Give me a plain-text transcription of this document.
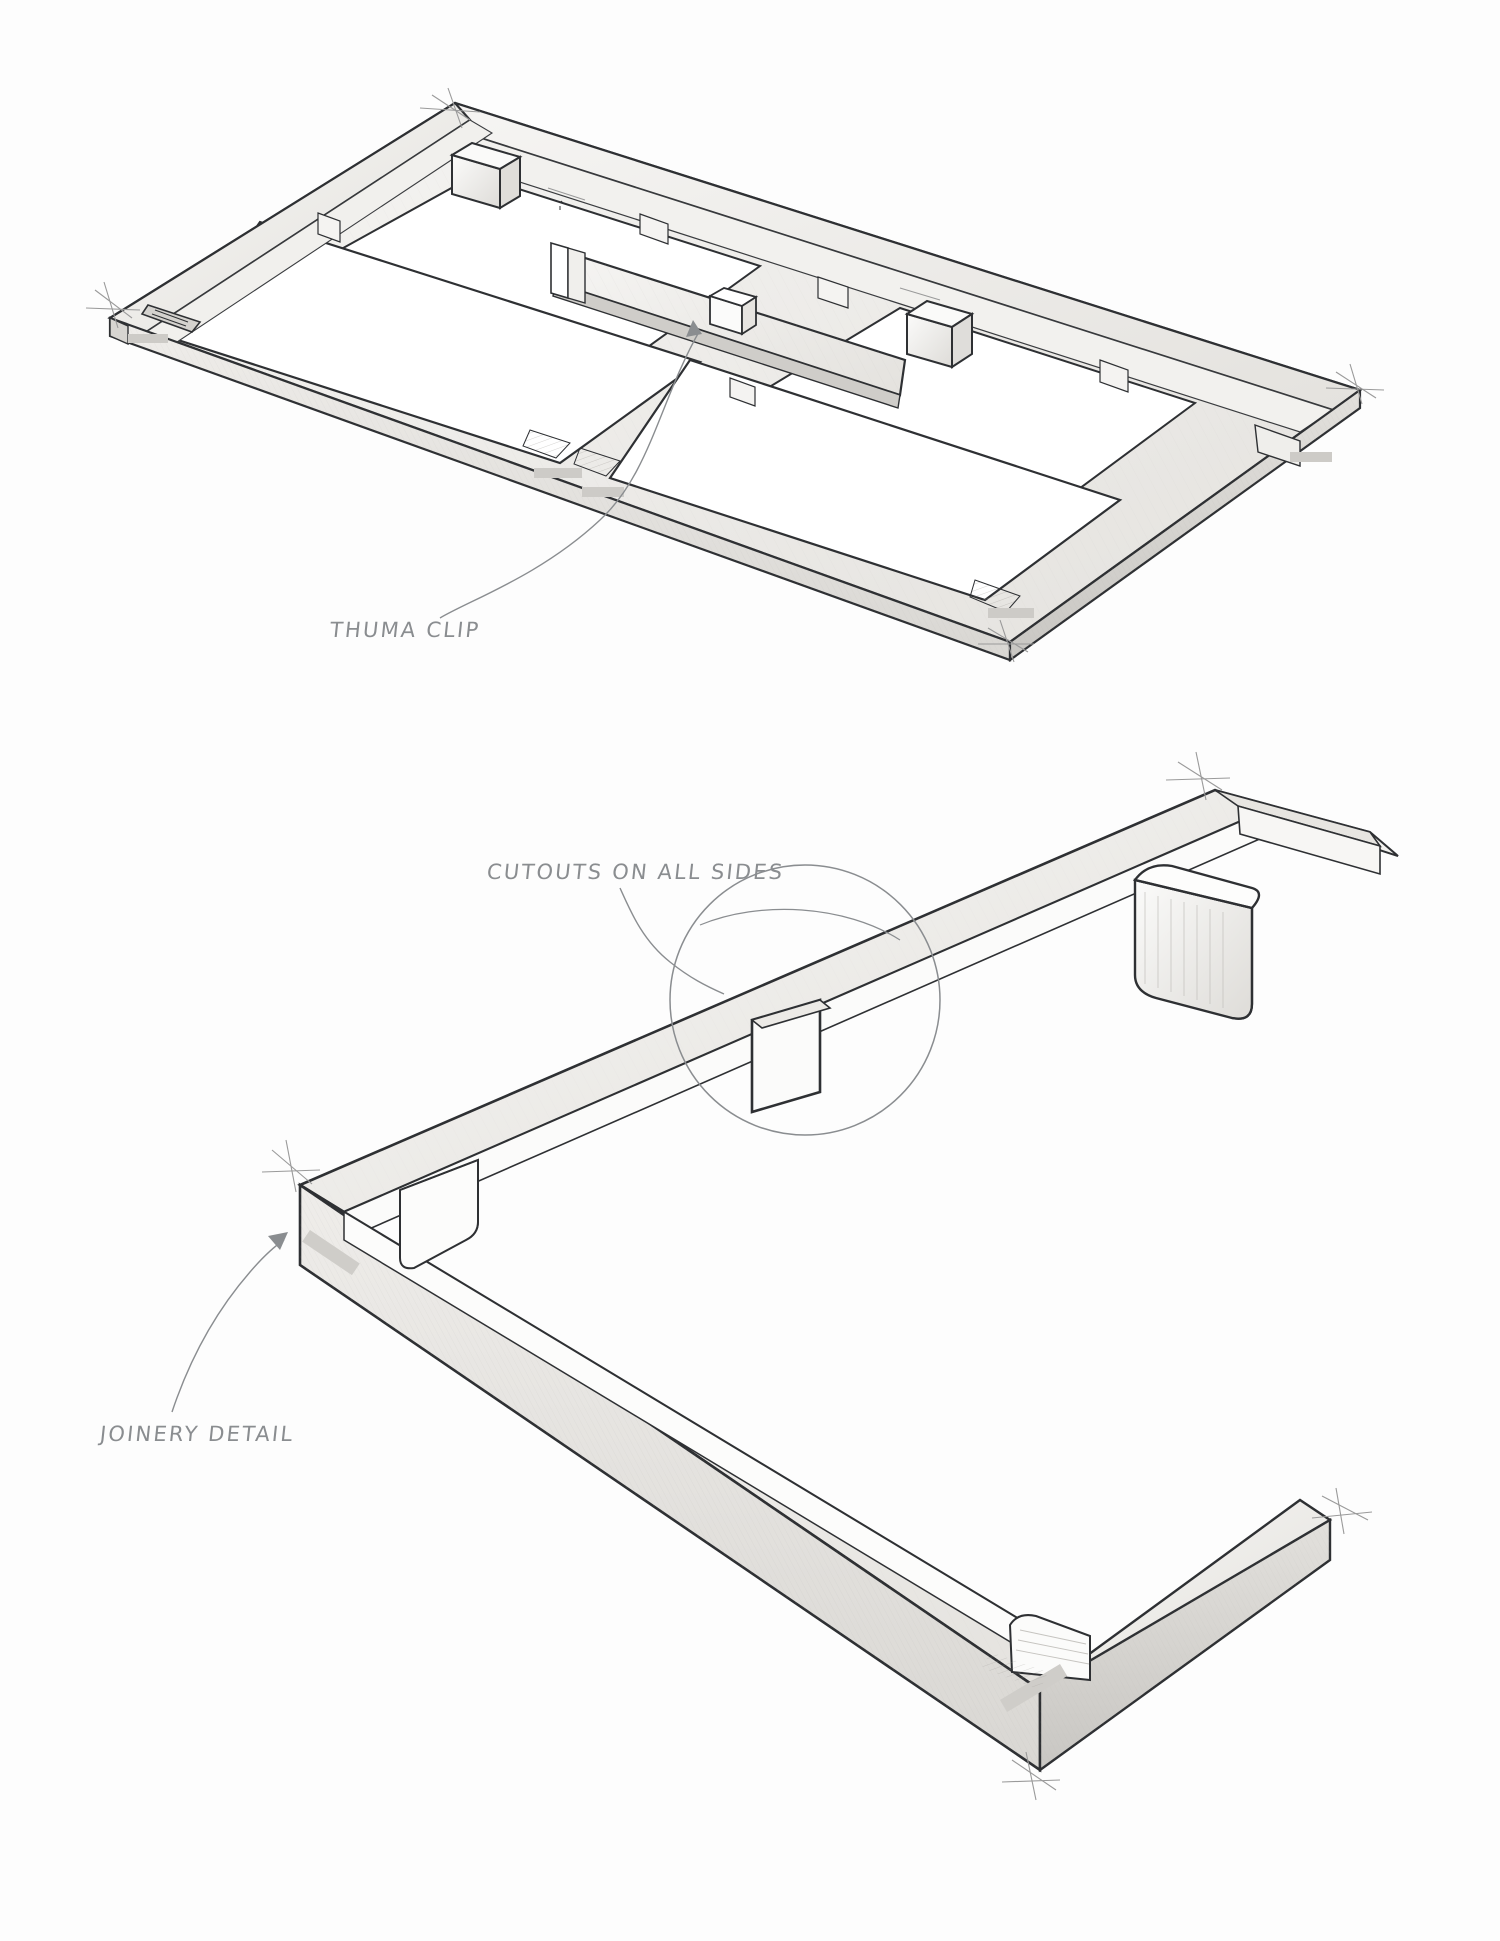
THUMA CLIP
CUTOUTS ON ALL SIDES
JOINERY DETAIL
